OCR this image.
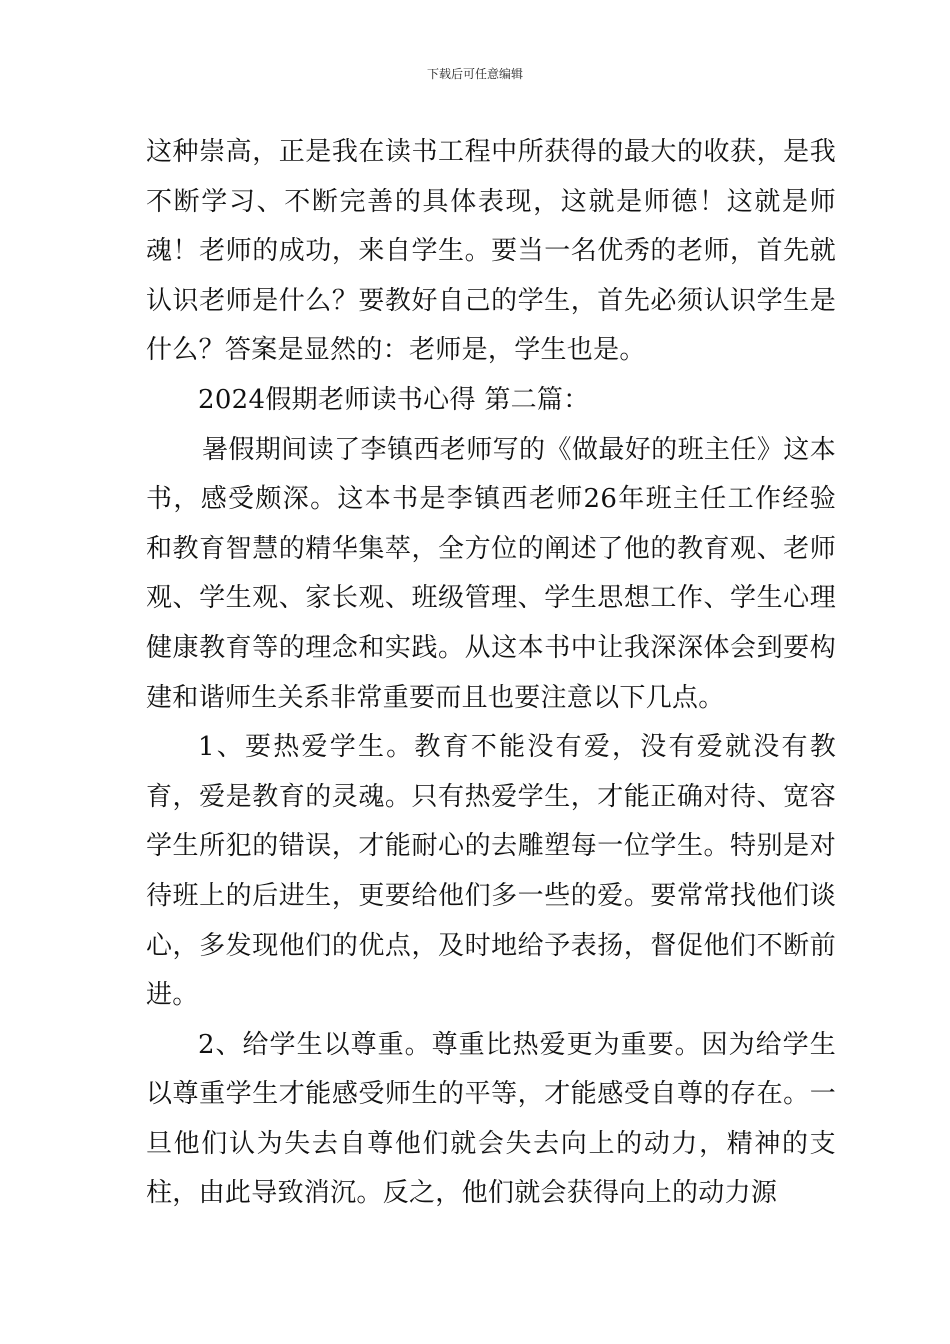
下载后可任意编辑

这种崇高，正是我在读书工程中所获得的最大的收获，是我不断学习、不断完善的具体表现，这就是师德！这就是师魂！老师的成功，来自学生。要当一名优秀的老师，首先就认识老师是什么？要教好自己的学生，首先必须认识学生是什么？答案是显然的：老师是，学生也是。

2024假期老师读书心得 第二篇：

暑假期间读了李镇西老师写的《做最好的班主任》这本书，感受颇深。这本书是李镇西老师26年班主任工作经验和教育智慧的精华集萃，全方位的阐述了他的教育观、老师观、学生观、家长观、班级管理、学生思想工作、学生心理健康教育等的理念和实践。从这本书中让我深深体会到要构建和谐师生关系非常重要而且也要注意以下几点。

1、要热爱学生。教育不能没有爱，没有爱就没有教育，爱是教育的灵魂。只有热爱学生，才能正确对待、宽容学生所犯的错误，才能耐心的去雕塑每一位学生。特别是对待班上的后进生，更要给他们多一些的爱。要常常找他们谈心，多发现他们的优点，及时地给予表扬，督促他们不断前进。

2、给学生以尊重。尊重比热爱更为重要。因为给学生以尊重学生才能感受师生的平等，才能感受自尊的存在。一旦他们认为失去自尊他们就会失去向上的动力，精神的支柱，由此导致消沉。反之，他们就会获得向上的动力源
